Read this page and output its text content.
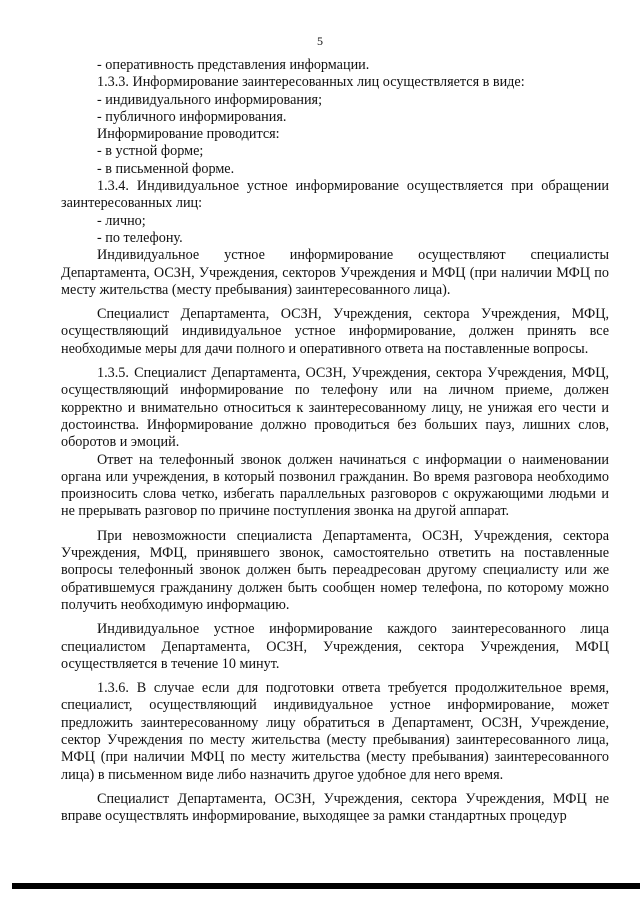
5

- оперативность представления информации.

1.3.3. Информирование заинтересованных лиц осуществляется в виде:

- индивидуального информирования;

- публичного информирования.

Информирование проводится:

- в устной форме;

- в письменной форме.

1.3.4. Индивидуальное устное информирование осуществляется при обращении заинтересованных лиц:

- лично;

- по телефону.

Индивидуальное устное информирование осуществляют специалисты Департамента, ОСЗН, Учреждения, секторов Учреждения и МФЦ (при наличии МФЦ по месту жительства (месту пребывания) заинтересованного лица).

Специалист Департамента, ОСЗН, Учреждения, сектора Учреждения, МФЦ, осуществляющий индивидуальное устное информирование, должен принять все необходимые меры для дачи полного и оперативного ответа на поставленные вопросы.

1.3.5. Специалист Департамента, ОСЗН, Учреждения, сектора Учреждения, МФЦ, осуществляющий информирование по телефону или на личном приеме, должен корректно и внимательно относиться к заинтересованному лицу, не унижая его чести и достоинства. Информирование должно проводиться без больших пауз, лишних слов, оборотов и эмоций.

Ответ на телефонный звонок должен начинаться с информации о наименовании органа или учреждения, в который позвонил гражданин. Во время разговора необходимо произносить слова четко, избегать параллельных разговоров с окружающими людьми и не прерывать разговор по причине поступления звонка на другой аппарат.

При невозможности специалиста Департамента, ОСЗН, Учреждения, сектора Учреждения, МФЦ, принявшего звонок, самостоятельно ответить на поставленные вопросы телефонный звонок должен быть переадресован другому специалисту или же обратившемуся гражданину должен быть сообщен номер телефона, по которому можно получить необходимую информацию.

Индивидуальное устное информирование каждого заинтересованного лица специалистом Департамента, ОСЗН, Учреждения, сектора Учреждения, МФЦ осуществляется в течение 10 минут.

1.3.6. В случае если для подготовки ответа требуется продолжительное время, специалист, осуществляющий индивидуальное устное информирование, может предложить заинтересованному лицу обратиться в Департамент, ОСЗН, Учреждение, сектор Учреждения по месту жительства (месту пребывания) заинтересованного лица, МФЦ (при наличии МФЦ по месту жительства (месту пребывания) заинтересованного лица) в письменном виде либо назначить другое удобное для него время.

Специалист Департамента, ОСЗН, Учреждения, сектора Учреждения, МФЦ не вправе осуществлять информирование, выходящее за рамки стандартных процедур
